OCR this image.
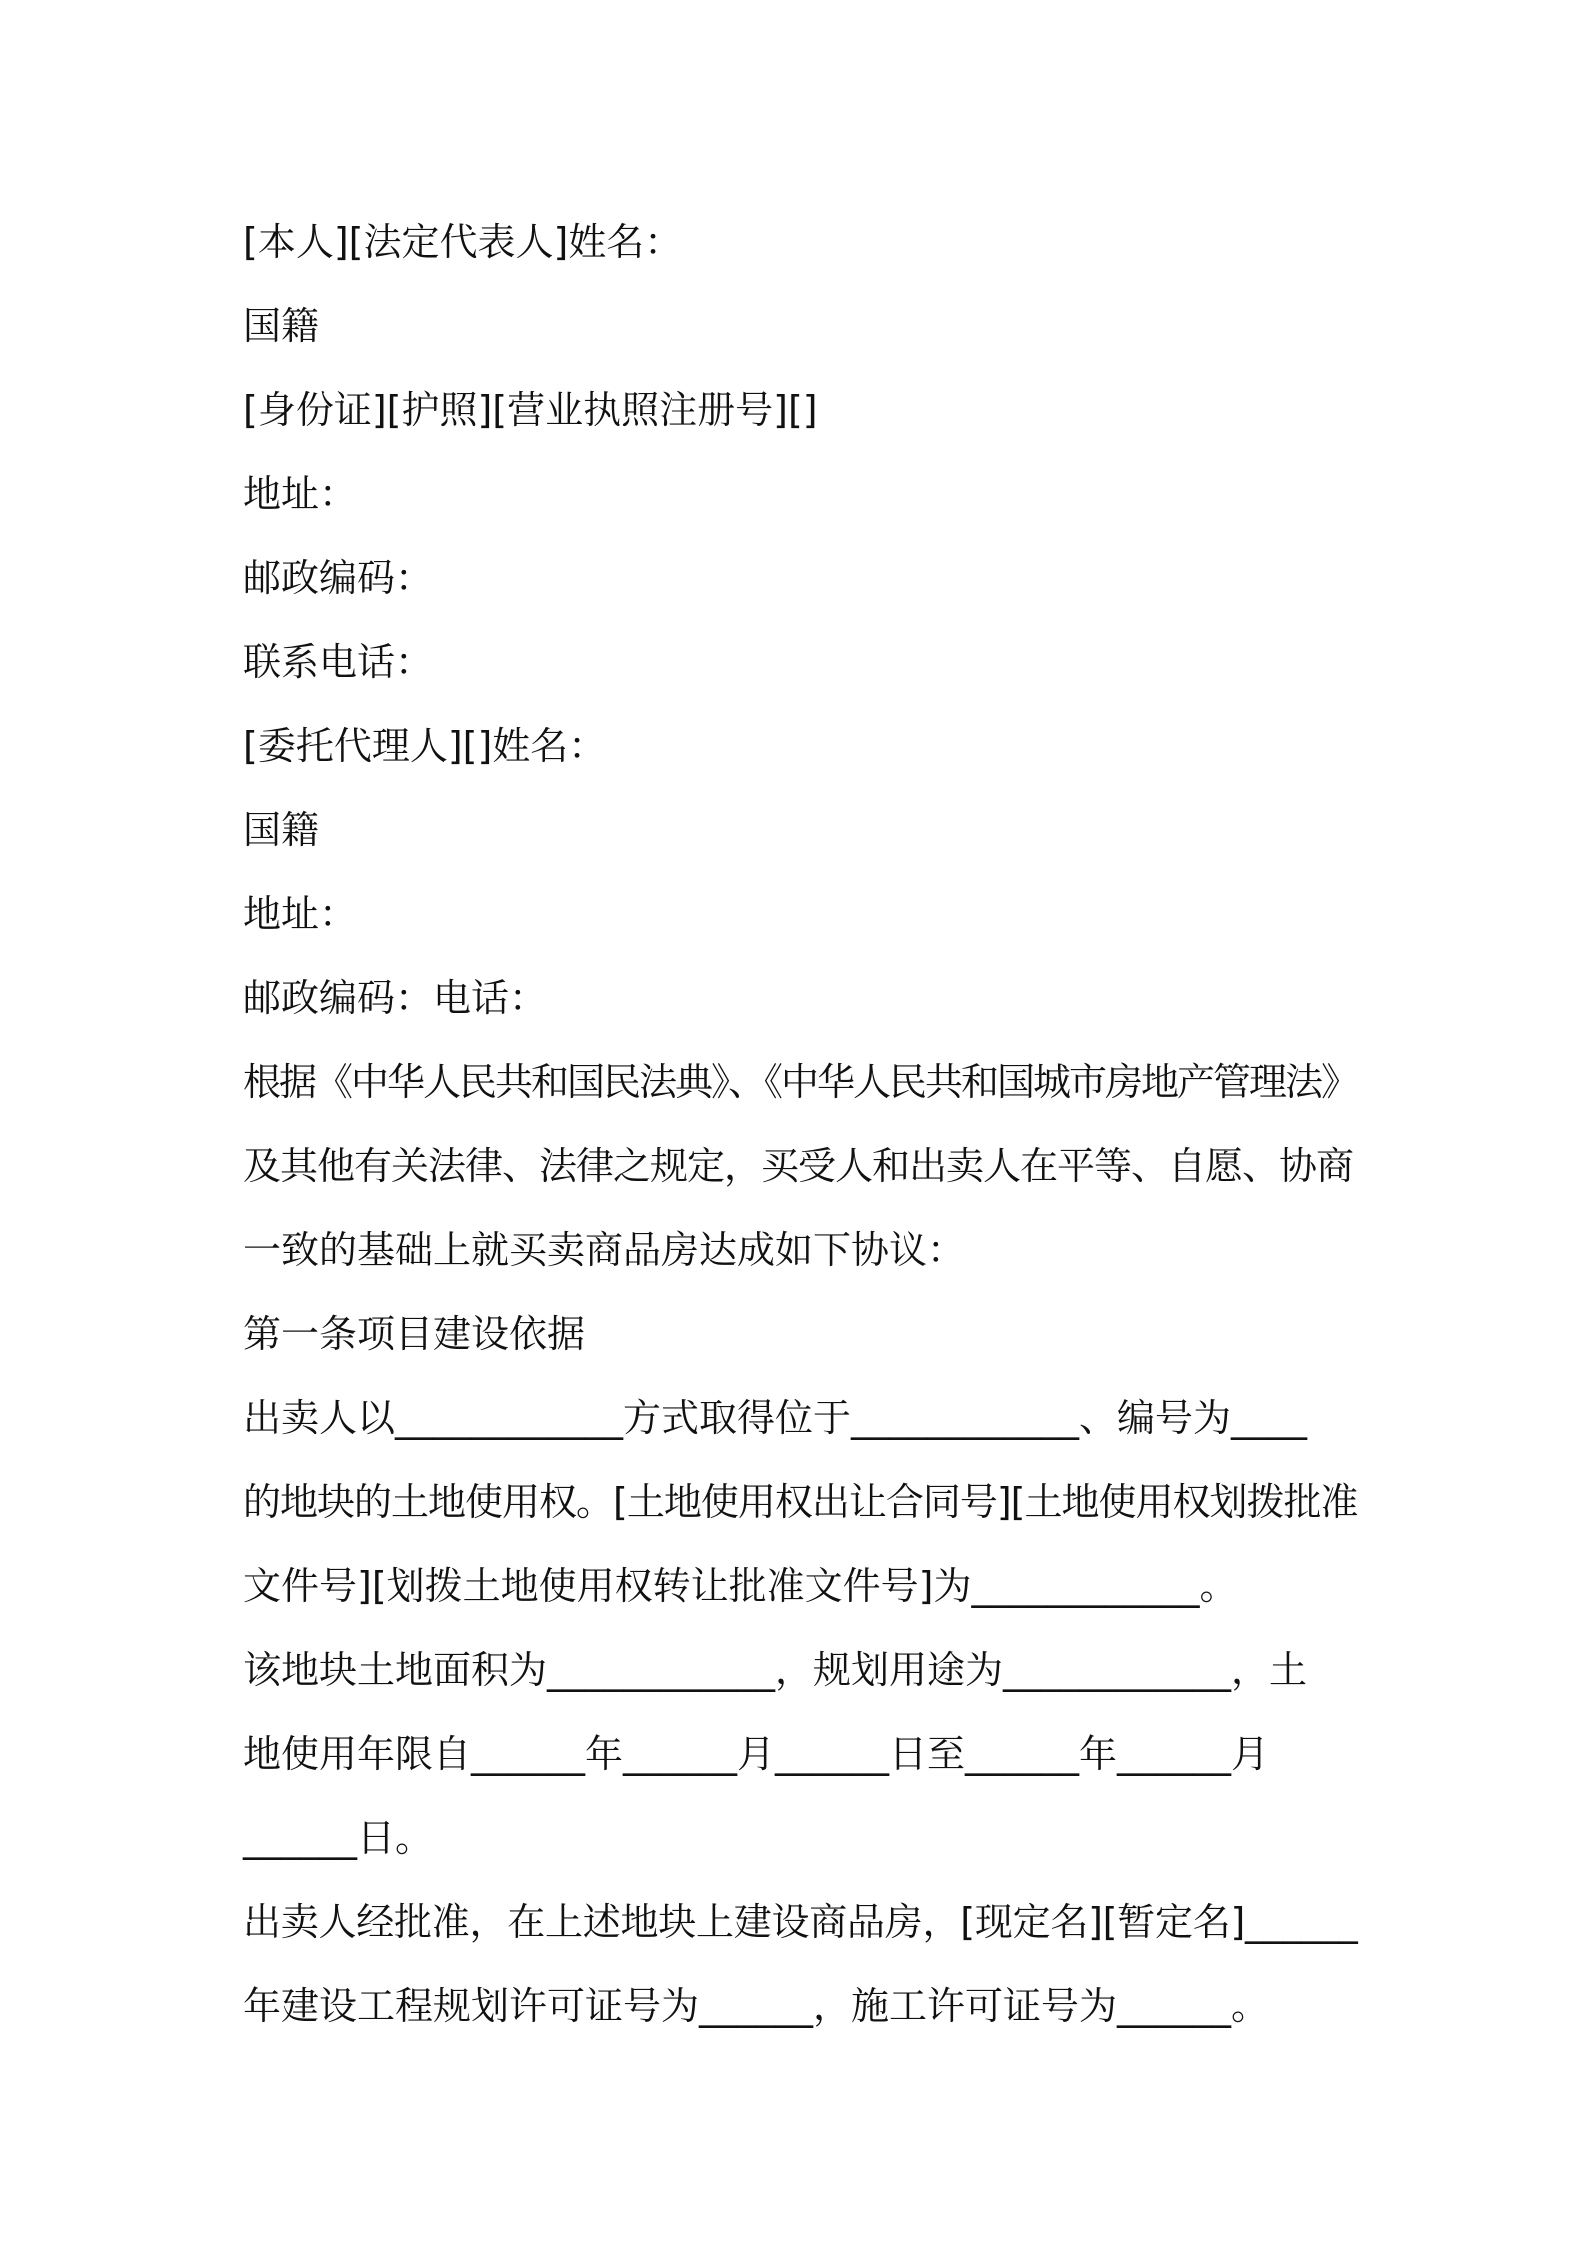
[本人][法定代表人]姓名：
国籍
[身份证][护照][营业执照注册号][]
地址：
邮政编码：
联系电话：
[委托代理人][]姓名：
国籍
地址：
邮政编码：电话：
根据《中华人民共和国民法典》、《中华人民共和国城市房地产管理法》
及其他有关法律、法律之规定，买受人和出卖人在平等、自愿、协商
一致的基础上就买卖商品房达成如下协议：
第一条项目建设依据
出卖人以____________方式取得位于____________、编号为____
的地块的土地使用权。[土地使用权出让合同号][土地使用权划拨批准
文件号][划拨土地使用权转让批准文件号]为____________。
该地块土地面积为____________，规划用途为____________，土
地使用年限自______年______月______日至______年______月
______日。
出卖人经批准，在上述地块上建设商品房，[现定名][暂定名]______
年建设工程规划许可证号为______，施工许可证号为______。
